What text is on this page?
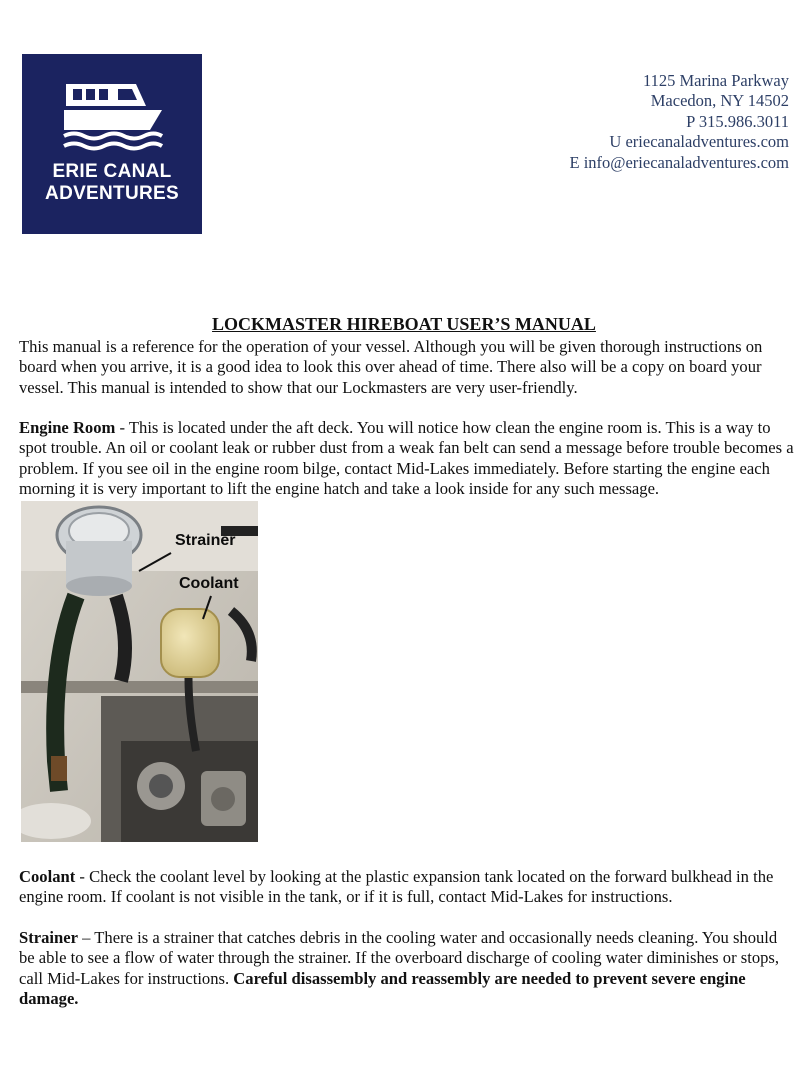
ERIE CANAL
ADVENTURES
1125 Marina Parkway
Macedon, NY 14502
P 315.986.3011
U eriecanaladventures.com
E info@eriecanaladventures.com
LOCKMASTER HIREBOAT USER’S MANUAL
This manual is a reference for the operation of your vessel. Although you will be given thorough instructions on board when you arrive, it is a good idea to look this over ahead of time. There also will be a copy on board your vessel. This manual is intended to show that our Lockmasters are very user-friendly.
Engine Room - This is located under the aft deck. You will notice how clean the engine room is. This is a way to spot trouble. An oil or coolant leak or rubber dust from a weak fan belt can send a message before trouble becomes a problem. If you see oil in the engine room bilge, contact Mid-Lakes immediately. Before starting the engine each morning it is very important to lift the engine hatch and take a look inside for any such message.
Strainer
Coolant
Coolant - Check the coolant level by looking at the plastic expansion tank located on the forward bulkhead in the engine room. If coolant is not visible in the tank, or if it is full, contact Mid-Lakes for instructions.
Strainer – There is a strainer that catches debris in the cooling water and occasionally needs cleaning. You should be able to see a flow of water through the strainer. If the overboard discharge of cooling water diminishes or stops, call Mid-Lakes for instructions. Careful disassembly and reassembly are needed to prevent severe engine damage.
